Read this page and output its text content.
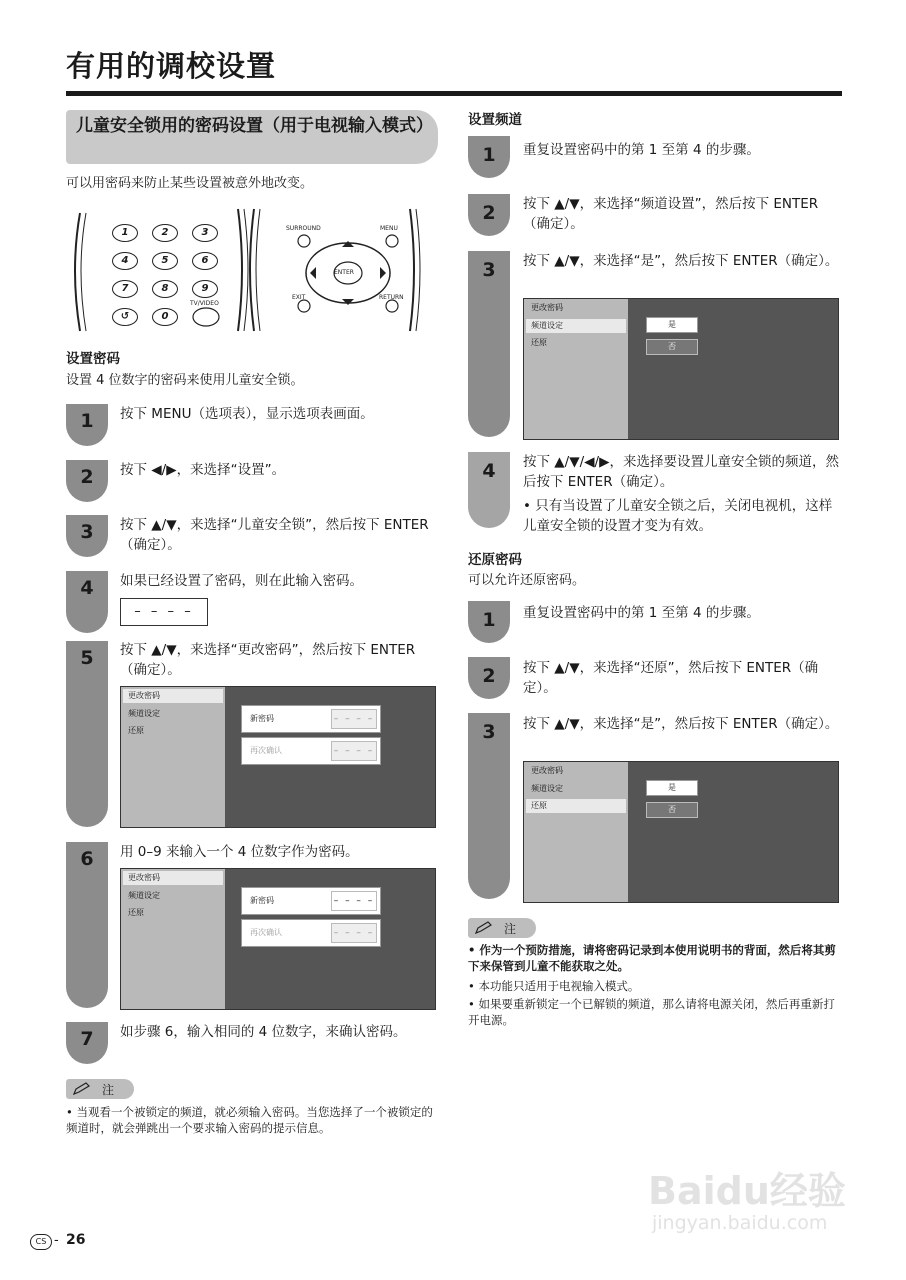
有用的调校设置
儿童安全锁用的密码设置（用于电视输入模式）
可以用密码来防止某些设置被意外地改变。
1	2	3
4	5	6
7	8	9
↺	0
SURROUND	MENU
ENTER
EXIT	RETURN
TV/VIDEO
设置密码
设置 4 位数字的密码来使用儿童安全锁。
1	按下 MENU（选项表），显示选项表画面。
2	按下 ◀/▶，来选择“设置”。
3	按下 ▲/▼，来选择“儿童安全锁”，然后按下 ENTER（确定）。
4	如果已经设置了密码，则在此输入密码。
– – – –
5	按下 ▲/▼，来选择“更改密码”，然后按下 ENTER（确定）。
更改密码
频道设定
还原
新密码	– – – –
再次确认	– – – –
6	用 0–9 来输入一个 4 位数字作为密码。
更改密码
频道设定
还原
新密码	– – – –
再次确认	– – – –
7	如步骤 6，输入相同的 4 位数字，来确认密码。
注
• 当观看一个被锁定的频道，就必须输入密码。当您选择了一个被锁定的频道时，就会弹跳出一个要求输入密码的提示信息。
设置频道
1	重复设置密码中的第 1 至第 4 的步骤。
2	按下 ▲/▼，来选择“频道设置”，然后按下 ENTER（确定）。
3	按下 ▲/▼，来选择“是”，然后按下 ENTER（确定）。
更改密码
频道设定
还原
是
否
4	按下 ▲/▼/◀/▶，来选择要设置儿童安全锁的频道，然后按下 ENTER（确定）。
• 只有当设置了儿童安全锁之后，关闭电视机，这样儿童安全锁的设置才变为有效。
还原密码
可以允许还原密码。
1	重复设置密码中的第 1 至第 4 的步骤。
2	按下 ▲/▼，来选择“还原”，然后按下 ENTER（确定）。
3	按下 ▲/▼，来选择“是”，然后按下 ENTER（确定）。
更改密码
频道设定
还原
是
否
注
• 作为一个预防措施，请将密码记录到本使用说明书的背面，然后将其剪下来保管到儿童不能获取之处。
• 本功能只适用于电视输入模式。
• 如果要重新锁定一个已解锁的频道，那么请将电源关闭，然后再重新打开电源。
Baidu经验
jingyan.baidu.com
CS - 26
